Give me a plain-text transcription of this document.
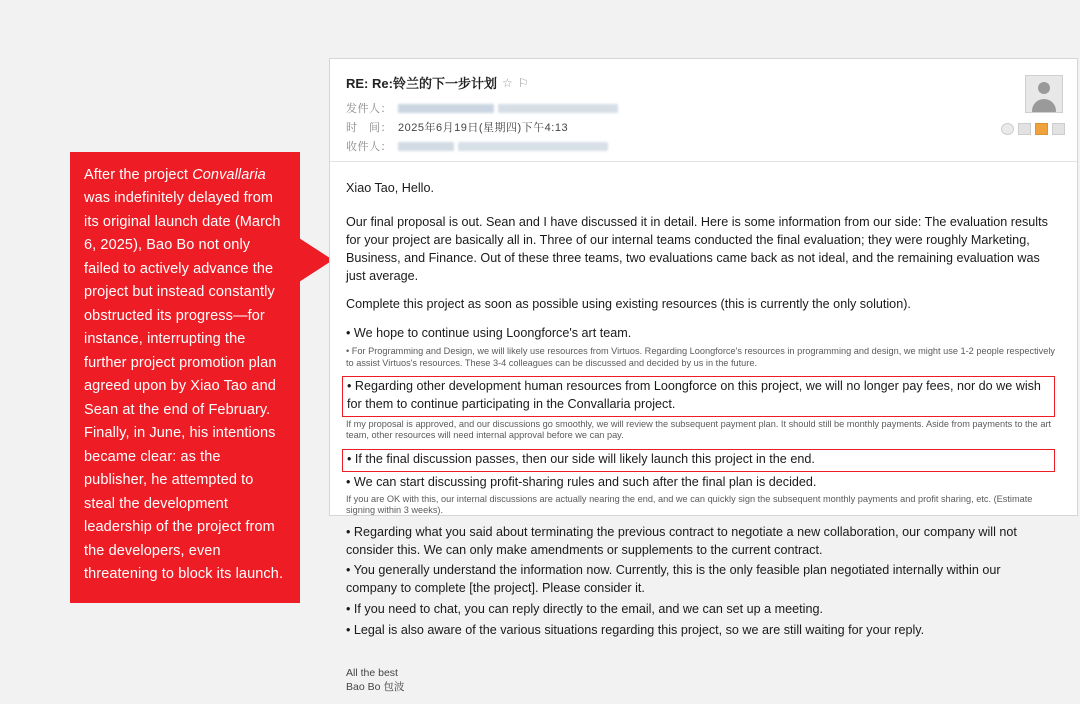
After the project Convallaria was indefinitely delayed from its original launch date (March 6, 2025), Bao Bo not only failed to actively advance the project but instead constantly obstructed its progress—for instance, interrupting the further project promotion plan agreed upon by Xiao Tao and Sean at the end of February. Finally, in June, his intentions became clear: as the publisher, he attempted to steal the development leadership of the project from the developers, even threatening to block its launch.
RE: Re:铃兰的下一步计划 ☆ ⚐
发件人：
时　间： 2025年6月19日(星期四)下午4:13
收件人：

Xiao Tao, Hello.

Our final proposal is out. Sean and I have discussed it in detail. Here is some information from our side: The evaluation results for your project are basically all in. Three of our internal teams conducted the final evaluation; they were roughly Marketing, Business, and Finance. Out of these three teams, two evaluations came back as not ideal, and the remaining evaluation was just average.

Complete this project as soon as possible using existing resources (this is currently the only solution).

• We hope to continue using Loongforce's art team.

• For Programming and Design, we will likely use resources from Virtuos. Regarding Loongforce's resources in programming and design, we might use 1-2 people respectively to assist Virtuos's resources. These 3-4 colleagues can be discussed and decided by us in the future.

• Regarding other development human resources from Loongforce on this project, we will no longer pay fees, nor do we wish for them to continue participating in the Convallaria project.

If my proposal is approved, and our discussions go smoothly, we will review the subsequent payment plan. It should still be monthly payments. Aside from payments to the art team, other resources will need internal approval before we can pay.

• If the final discussion passes, then our side will likely launch this project in the end.

• We can start discussing profit-sharing rules and such after the final plan is decided.

If you are OK with this, our internal discussions are actually nearing the end, and we can quickly sign the subsequent monthly payments and profit sharing, etc. (Estimate signing within 3 weeks).

• Regarding what you said about terminating the previous contract to negotiate a new collaboration, our company will not consider this. We can only make amendments or supplements to the current contract.

• You generally understand the information now. Currently, this is the only feasible plan negotiated internally within our company to complete [the project]. Please consider it.

• If you need to chat, you can reply directly to the email, and we can set up a meeting.

• Legal is also aware of the various situations regarding this project, so we are still waiting for your reply.

All the best
Bao Bo 包波
